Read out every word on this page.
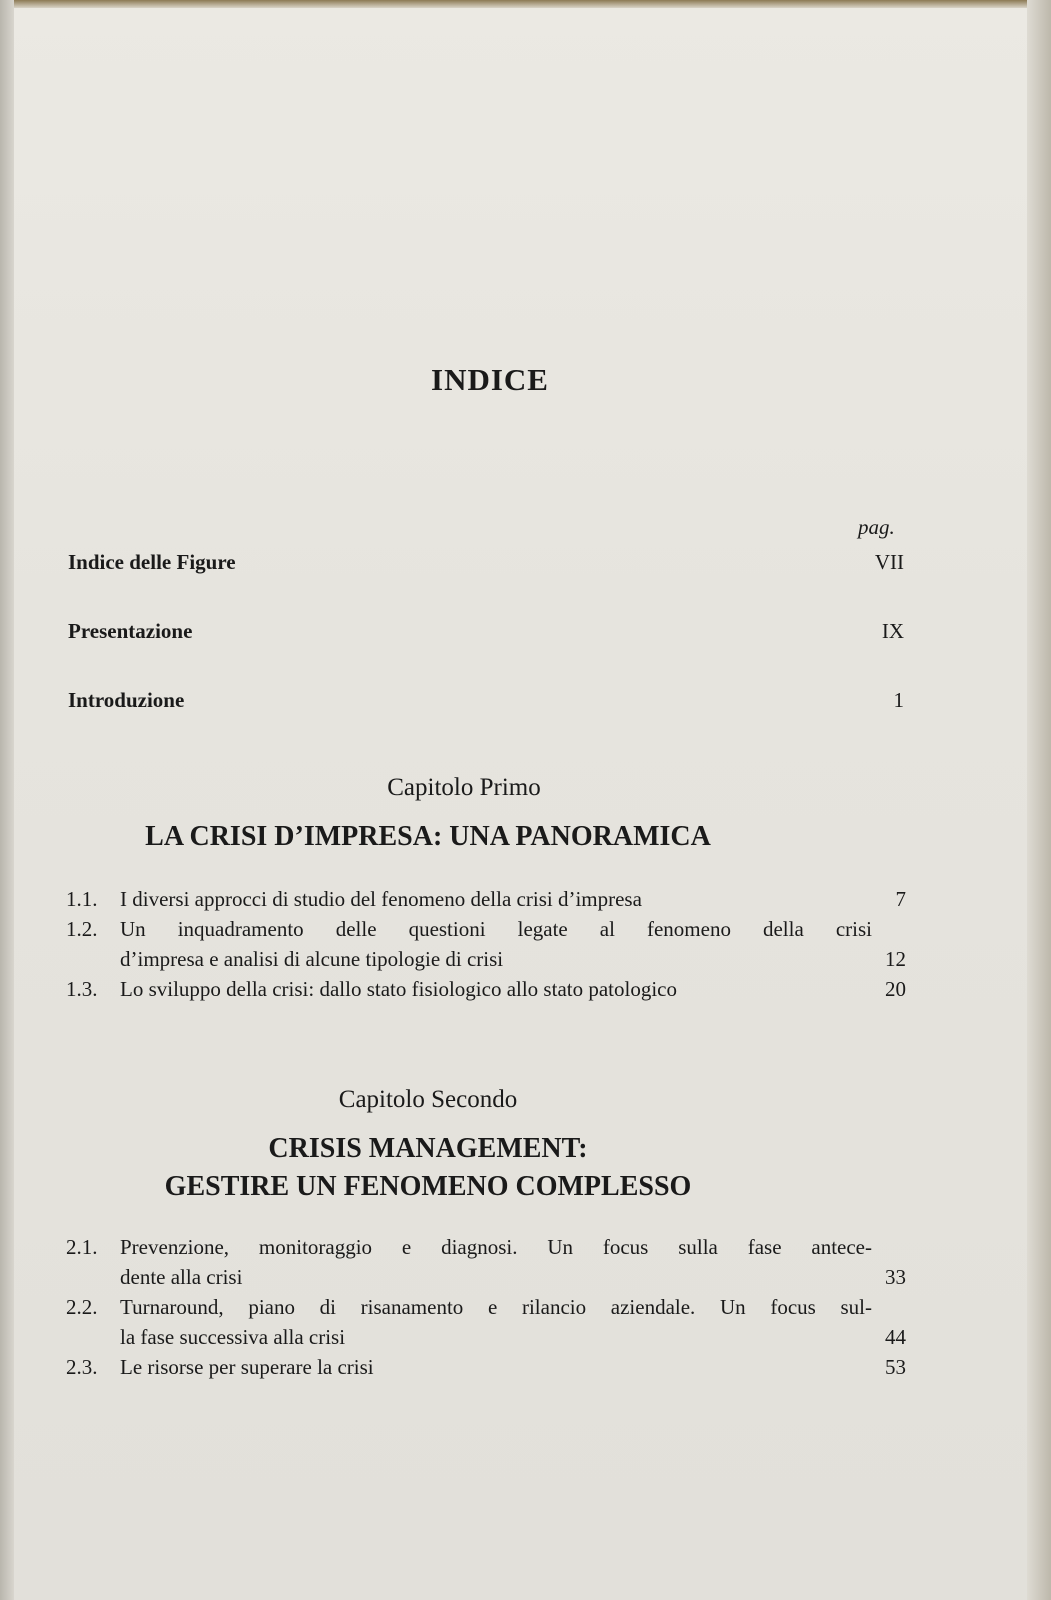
INDICE
pag.
Indice delle Figure	VII
Presentazione	IX
Introduzione	1
Capitolo Primo
LA CRISI D’IMPRESA: UNA PANORAMICA
1.1. I diversi approcci di studio del fenomeno della crisi d’impresa	7
1.2. Un inquadramento delle questioni legate al fenomeno della crisi
d’impresa e analisi di alcune tipologie di crisi	12
1.3. Lo sviluppo della crisi: dallo stato fisiologico allo stato patologico	20
Capitolo Secondo
CRISIS MANAGEMENT:
GESTIRE UN FENOMENO COMPLESSO
2.1. Prevenzione, monitoraggio e diagnosi. Un focus sulla fase antece-
dente alla crisi	33
2.2. Turnaround, piano di risanamento e rilancio aziendale. Un focus sul-
la fase successiva alla crisi	44
2.3. Le risorse per superare la crisi	53
